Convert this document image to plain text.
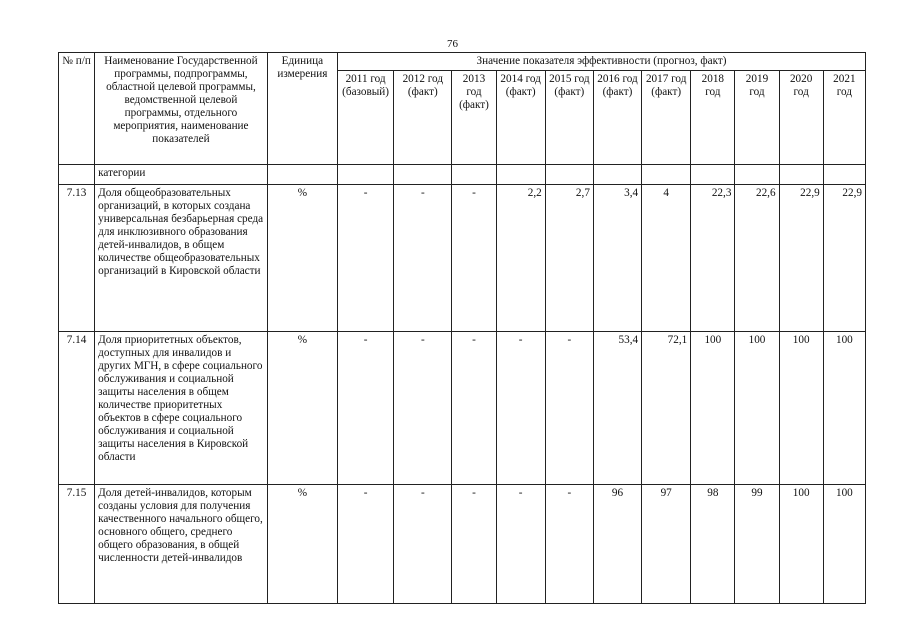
76
№ п/п	Наименование Государственной программы, подпрограммы, областной целевой программы, ведомственной целевой программы, отдельного мероприятия, наименование показателей	Единица измерения	Значение показателя эффективности (прогноз, факт)										
			2011 год (базовый)	2012 год (факт)	2013 год (факт)	2014 год (факт)	2015 год (факт)	2016 год (факт)	2017 год (факт)	2018 год	2019 год	2020 год	2021 год
	категории												
7.13	Доля общеобразовательных организаций, в которых создана универсальная безбарьерная среда для инклюзивного образования детей-инвалидов, в общем количестве общеобразовательных организаций в Кировской области	%	-	-	-	2,2	2,7	3,4	4	22,3	22,6	22,9	22,9
7.14	Доля приоритетных объектов, доступных для инвалидов и других МГН, в сфере социального обслуживания и социальной защиты населения в общем количестве приоритетных объектов в сфере социального обслуживания и социальной защиты населения в Кировской области	%	-	-	-	-	-	53,4	72,1	100	100	100	100
7.15	Доля детей-инвалидов, которым созданы условия для получения качественного начального общего, основного общего, среднего общего образования, в общей численности детей-инвалидов	%	-	-	-	-	-	96	97	98	99	100	100
